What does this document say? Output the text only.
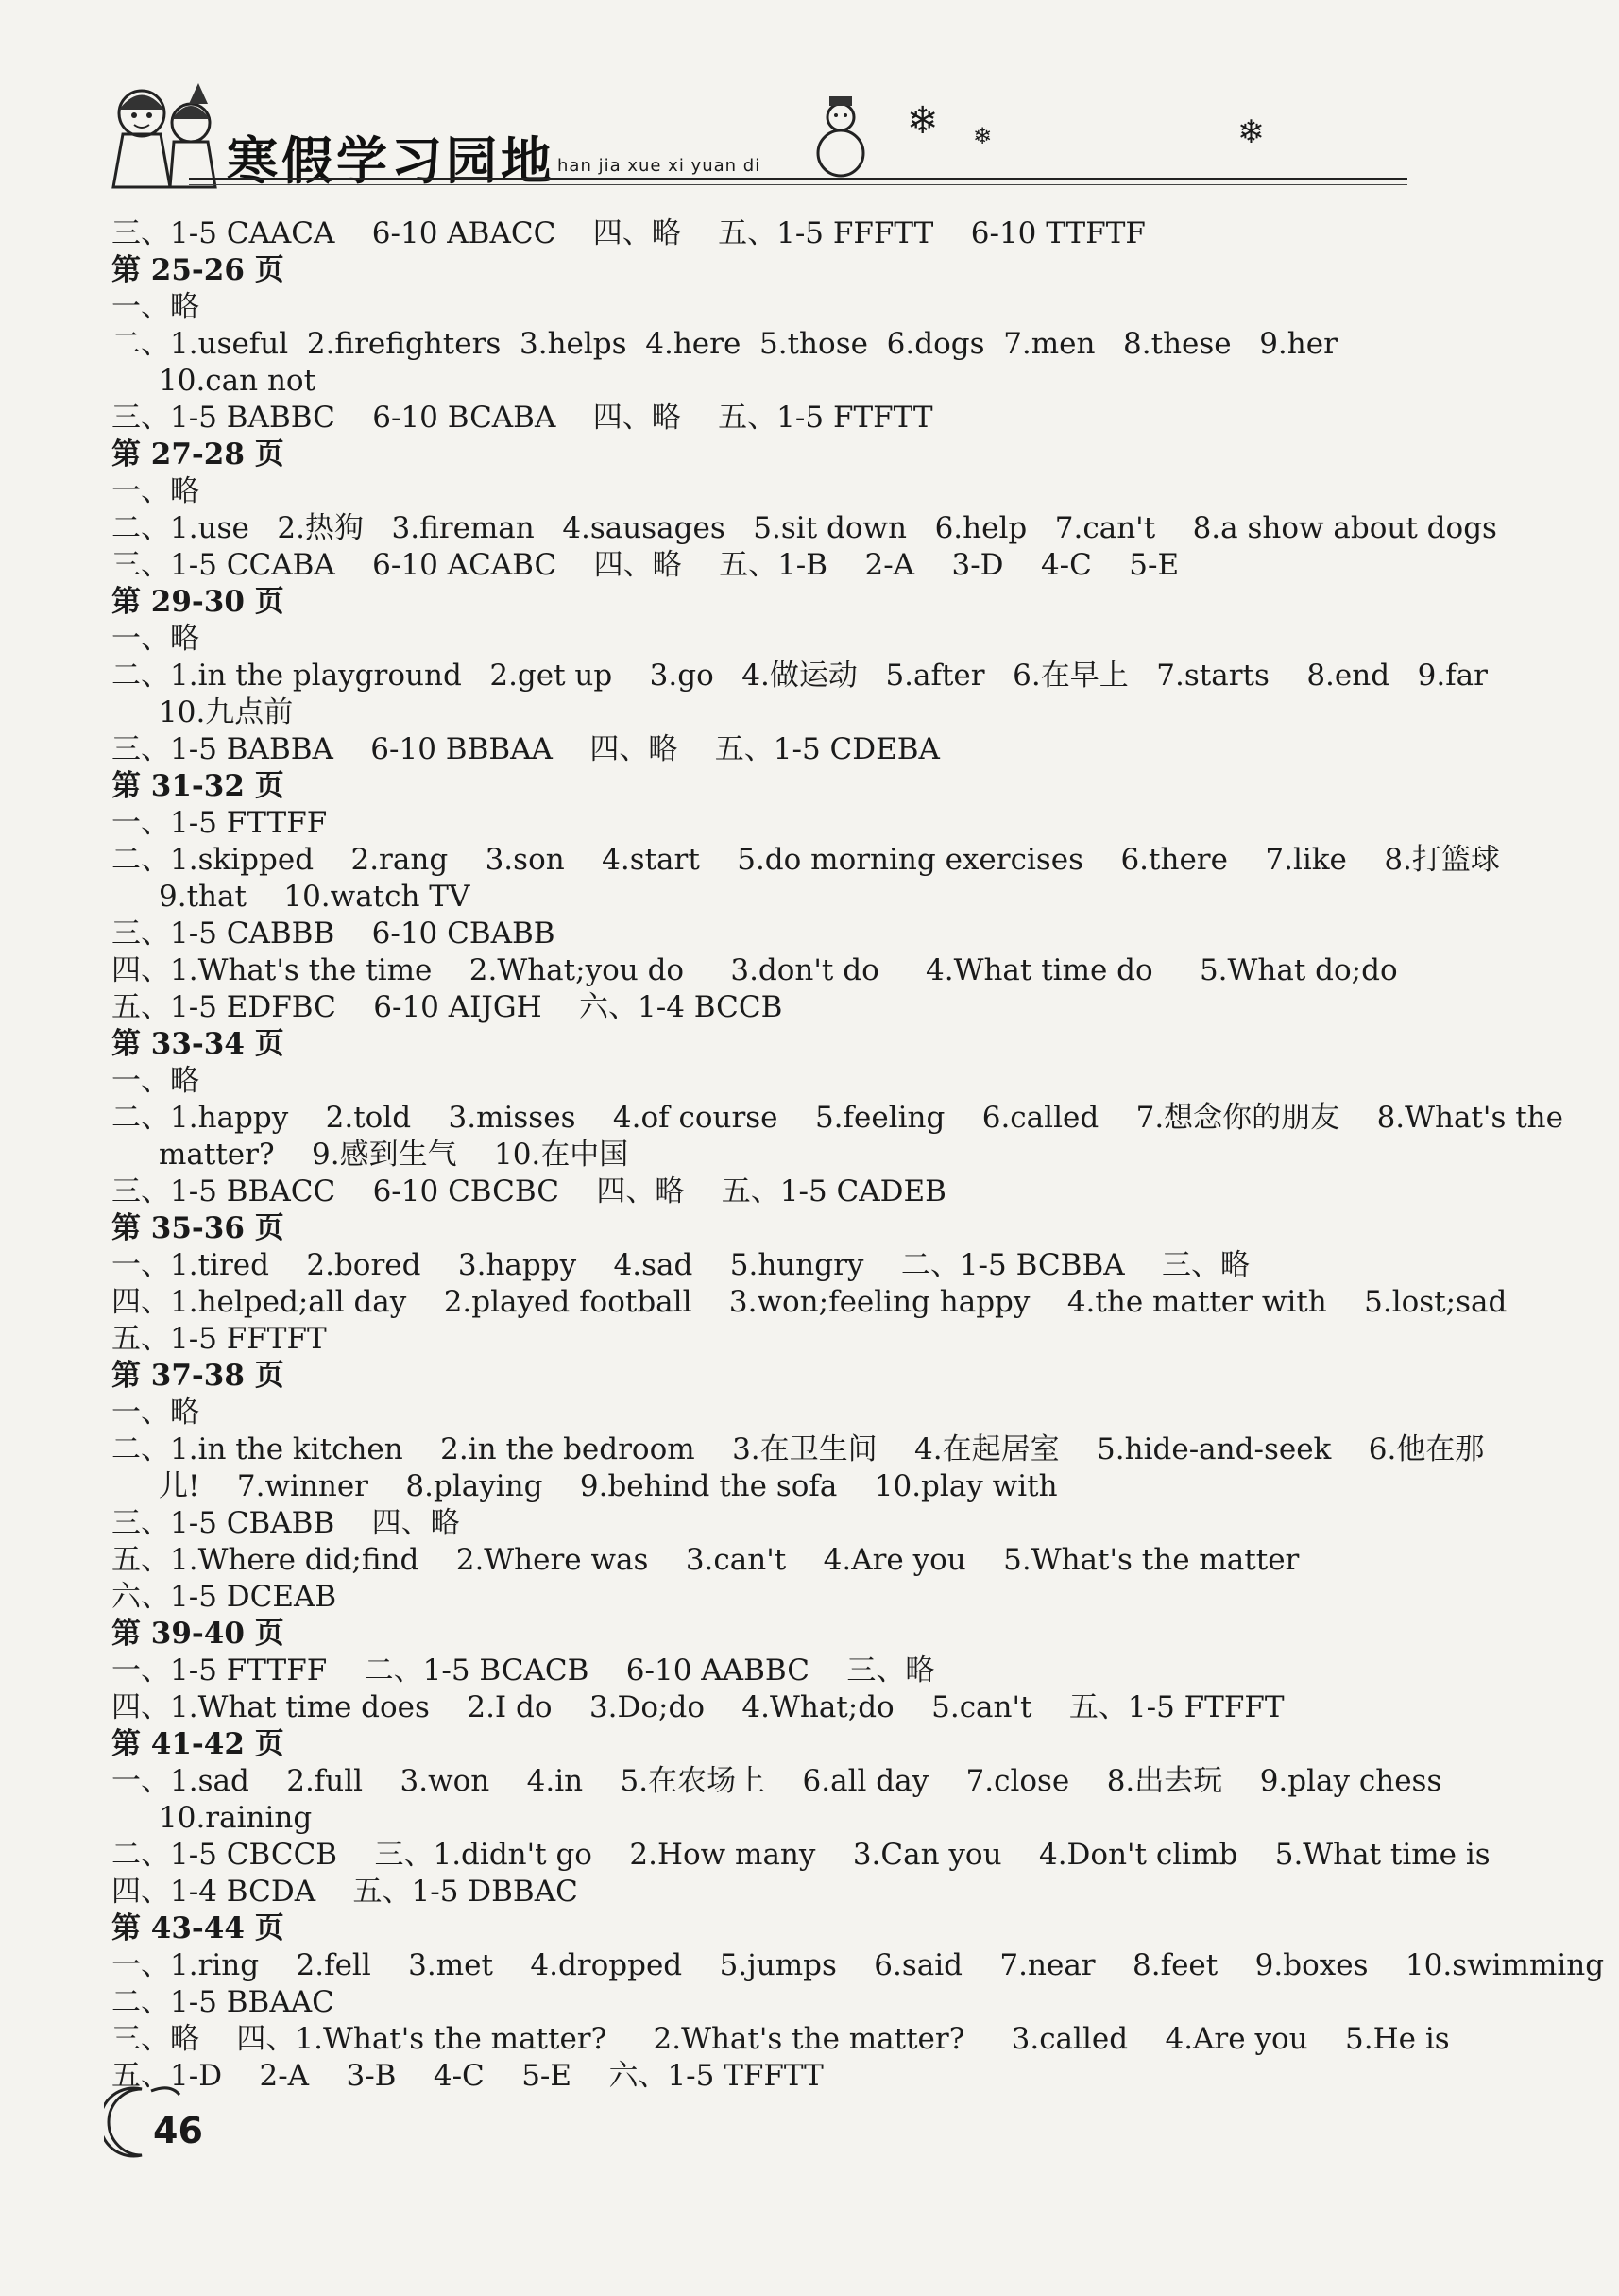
寒假学习园地 han jia xue xi yuan di
❄ ❄	❄
三、1-5 CAACA    6-10 ABACC    四、略    五、1-5 FFFTT    6-10 TTFTF
第 25-26 页
一、略
二、1.useful  2.firefighters  3.helps  4.here  5.those  6.dogs  7.men   8.these   9.her
10.can not
三、1-5 BABBC    6-10 BCABA    四、略    五、1-5 FTFTT
第 27-28 页
一、略
二、1.use   2.热狗   3.fireman   4.sausages   5.sit down   6.help   7.can't    8.a show about dogs
三、1-5 CCABA    6-10 ACABC    四、略    五、1-B    2-A    3-D    4-C    5-E
第 29-30 页
一、略
二、1.in the playground   2.get up    3.go   4.做运动   5.after   6.在早上   7.starts    8.end   9.far
10.九点前
三、1-5 BABBA    6-10 BBBAA    四、略    五、1-5 CDEBA
第 31-32 页
一、1-5 FTTFF
二、1.skipped    2.rang    3.son    4.start    5.do morning exercises    6.there    7.like    8.打篮球
9.that    10.watch TV
三、1-5 CABBB    6-10 CBABB
四、1.What's the time    2.What;you do     3.don't do     4.What time do     5.What do;do
五、1-5 EDFBC    6-10 AIJGH    六、1-4 BCCB
第 33-34 页
一、略
二、1.happy    2.told    3.misses    4.of course    5.feeling    6.called    7.想念你的朋友    8.What's the
matter?    9.感到生气    10.在中国
三、1-5 BBACC    6-10 CBCBC    四、略    五、1-5 CADEB
第 35-36 页
一、1.tired    2.bored    3.happy    4.sad    5.hungry    二、1-5 BCBBA    三、略
四、1.helped;all day    2.played football    3.won;feeling happy    4.the matter with    5.lost;sad
五、1-5 FFTFT
第 37-38 页
一、略
二、1.in the kitchen    2.in the bedroom    3.在卫生间    4.在起居室    5.hide-and-seek    6.他在那
儿!    7.winner    8.playing    9.behind the sofa    10.play with
三、1-5 CBABB    四、略
五、1.Where did;find    2.Where was    3.can't    4.Are you    5.What's the matter
六、1-5 DCEAB
第 39-40 页
一、1-5 FTTFF    二、1-5 BCACB    6-10 AABBC    三、略
四、1.What time does    2.I do    3.Do;do    4.What;do    5.can't    五、1-5 FTFFT
第 41-42 页
一、1.sad    2.full    3.won    4.in    5.在农场上    6.all day    7.close    8.出去玩    9.play chess
10.raining
二、1-5 CBCCB    三、1.didn't go    2.How many    3.Can you    4.Don't climb    5.What time is
四、1-4 BCDA    五、1-5 DBBAC
第 43-44 页
一、1.ring    2.fell    3.met    4.dropped    5.jumps    6.said    7.near    8.feet    9.boxes    10.swimming
二、1-5 BBAAC
三、略    四、1.What's the matter?     2.What's the matter?     3.called    4.Are you    5.He is
五、1-D    2-A    3-B    4-C    5-E    六、1-5 TFFTT
46
